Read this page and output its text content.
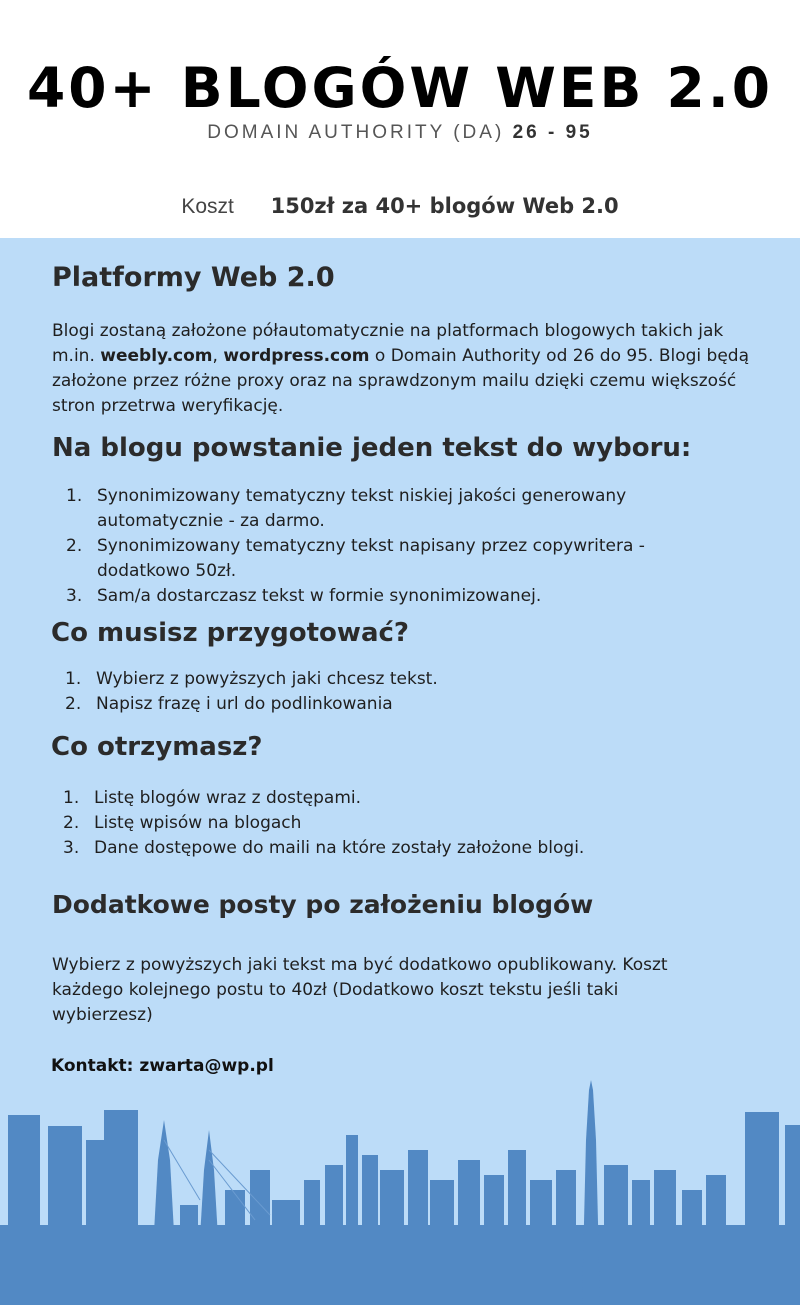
40+ BLOGÓW WEB 2.0
DOMAIN AUTHORITY (DA) 26 - 95
Koszt 150zł za 40+ blogów Web 2.0
Platformy Web 2.0

Blogi zostaną założone półautomatycznie na platformach blogowych takich jak m.in. weebly.com, wordpress.com o Domain Authority od 26 do 95. Blogi będą założone przez różne proxy oraz na sprawdzonym mailu dzięki czemu większość stron przetrwa weryfikację.

Na blogu powstanie jeden tekst do wyboru:
1. Synonimizowany tematyczny tekst niskiej jakości generowany automatycznie - za darmo.
2. Synonimizowany tematyczny tekst napisany przez copywritera - dodatkowo 50zł.
3. Sam/a dostarczasz tekst w formie synonimizowanej.
Co musisz przygotować?
1. Wybierz z powyższych jaki chcesz tekst.
2. Napisz frazę i url do podlinkowania
Co otrzymasz?
1. Listę blogów wraz z dostępami.
2. Listę wpisów na blogach
3. Dane dostępowe do maili na które zostały założone blogi.
Dodatkowe posty po założeniu blogów

Wybierz z powyższych jaki tekst ma być dodatkowo opublikowany. Koszt każdego kolejnego postu to 40zł (Dodatkowo koszt tekstu jeśli taki wybierzesz)

Kontakt: zwarta@wp.pl
